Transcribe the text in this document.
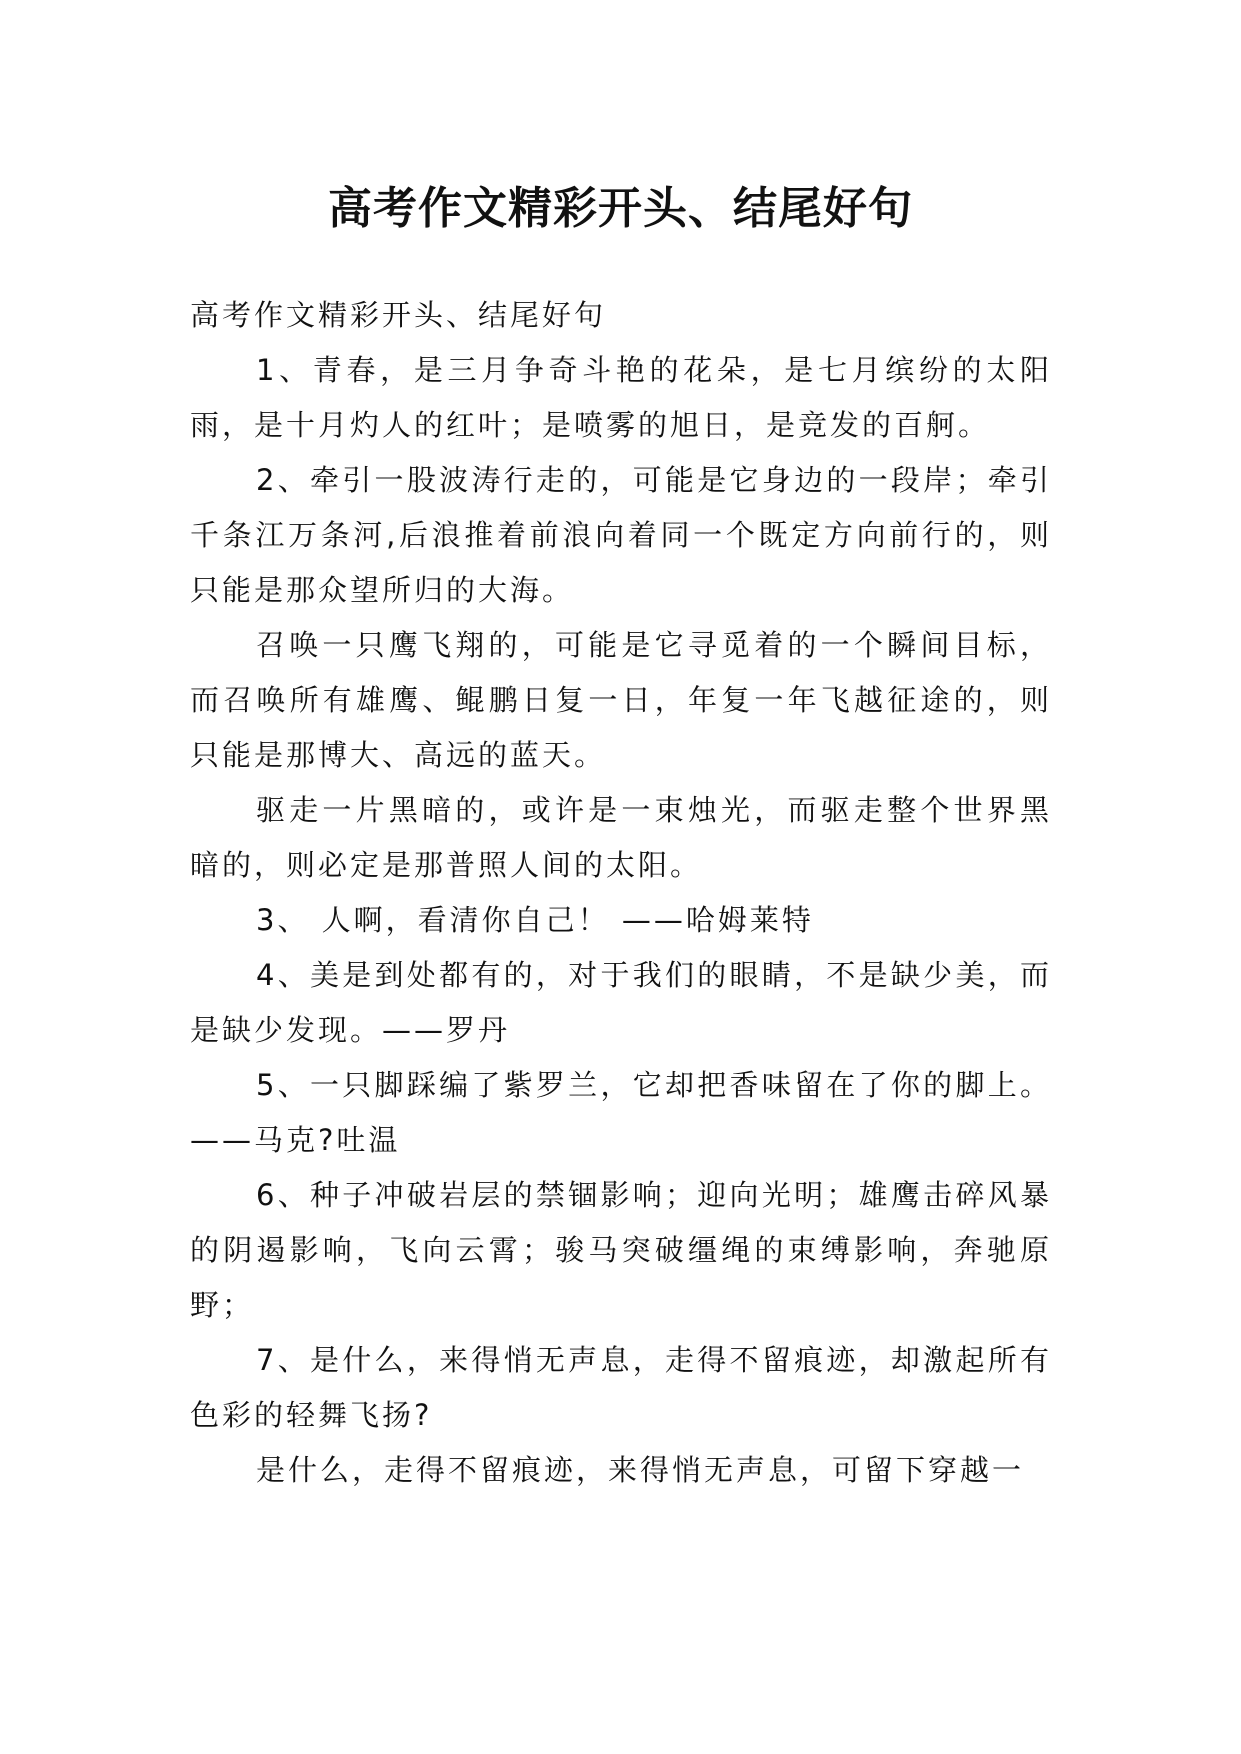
高考作文精彩开头、结尾好句

高考作文精彩开头、结尾好句

1、青春，是三月争奇斗艳的花朵，是七月缤纷的太阳雨，是十月灼人的红叶；是喷雾的旭日，是竞发的百舸。

2、牵引一股波涛行走的，可能是它身边的一段岸；牵引千条江万条河,后浪推着前浪向着同一个既定方向前行的，则只能是那众望所归的大海。

召唤一只鹰飞翔的，可能是它寻觅着的一个瞬间目标，而召唤所有雄鹰、鲲鹏日复一日，年复一年飞越征途的，则只能是那博大、高远的蓝天。

驱走一片黑暗的，或许是一束烛光，而驱走整个世界黑暗的，则必定是那普照人间的太阳。

3、 人啊，看清你自己！ ——哈姆莱特

4、美是到处都有的，对于我们的眼睛，不是缺少美，而是缺少发现。——罗丹

5、一只脚踩编了紫罗兰，它却把香味留在了你的脚上。——马克?吐温

6、种子冲破岩层的禁锢影响；迎向光明；雄鹰击碎风暴的阴遏影响，飞向云霄；骏马突破缰绳的束缚影响，奔驰原野；

7、是什么，来得悄无声息，走得不留痕迹，却激起所有色彩的轻舞飞扬?

是什么，走得不留痕迹，来得悄无声息，可留下穿越一
